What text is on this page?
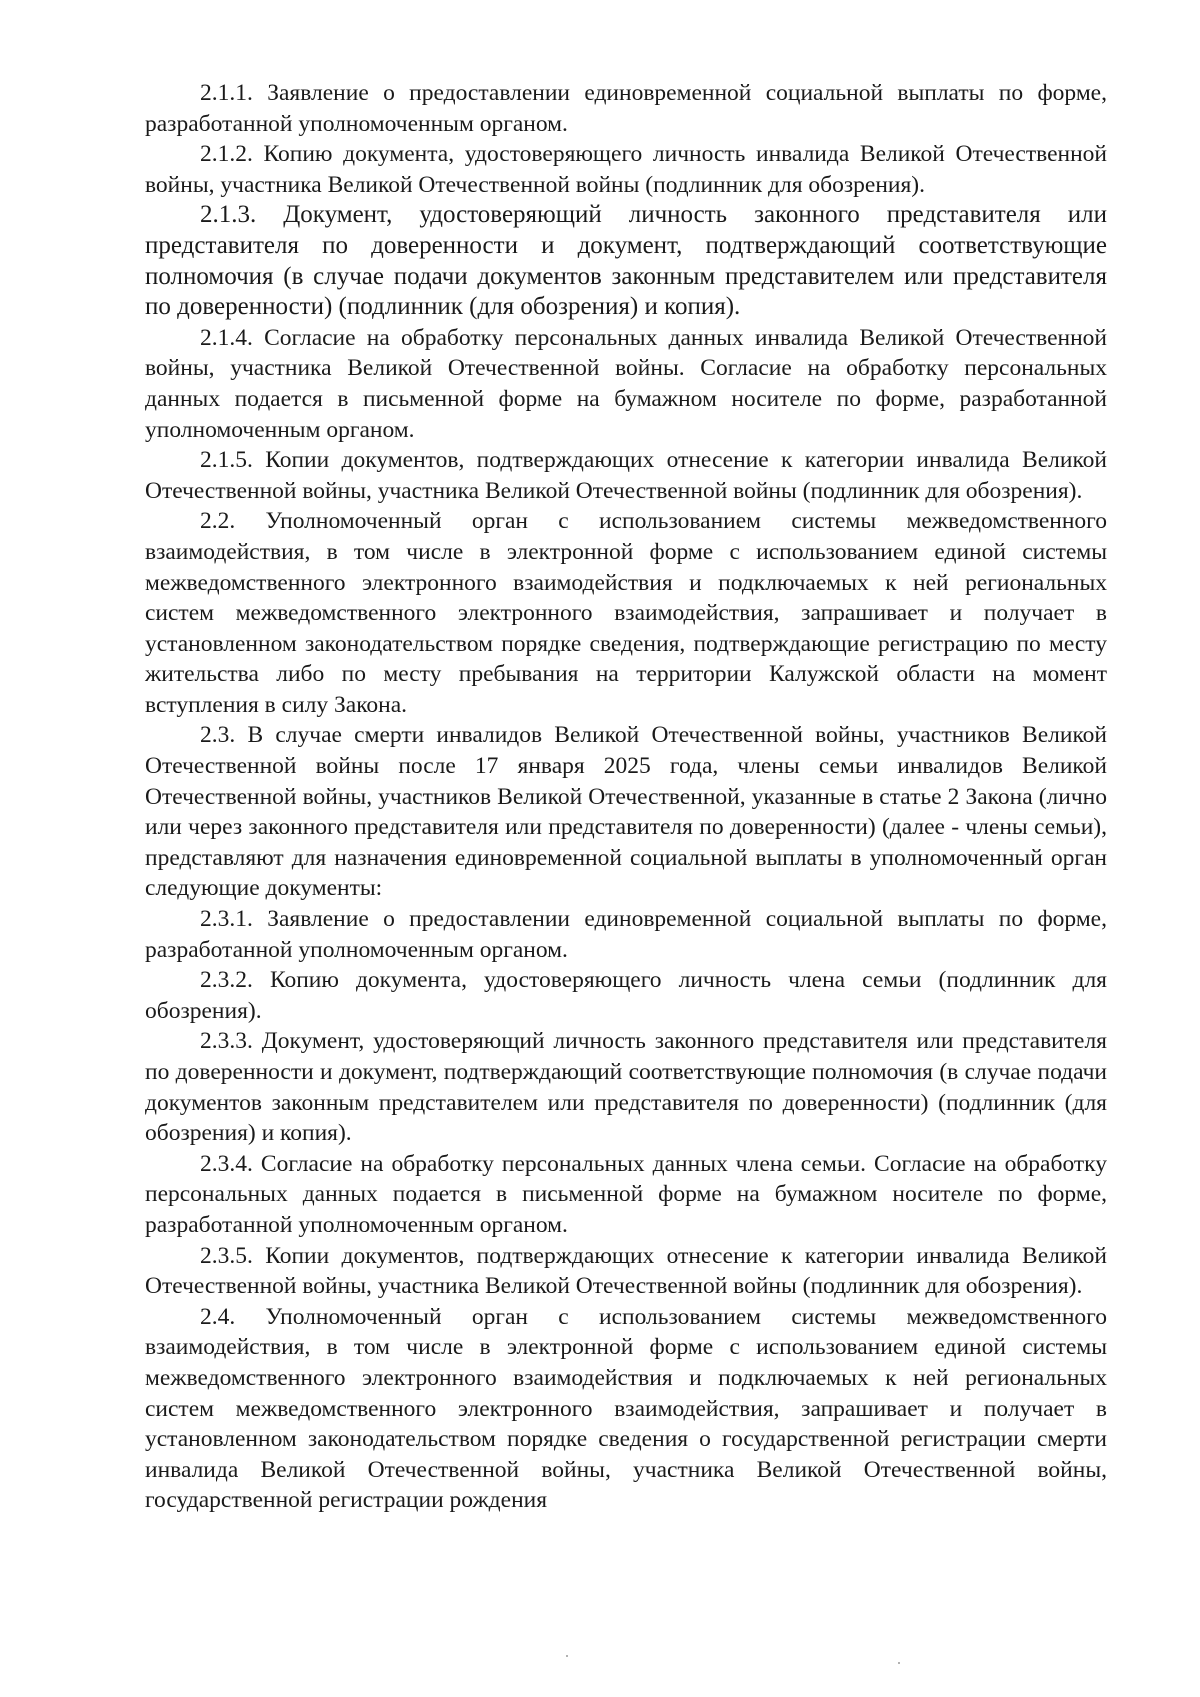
2.1.1. Заявление о предоставлении единовременной социальной выплаты по форме, разработанной уполномоченным органом.

2.1.2. Копию документа, удостоверяющего личность инвалида Великой Отечественной войны, участника Великой Отечественной войны (подлинник для обозрения).

2.1.3. Документ, удостоверяющий личность законного представителя или представителя по доверенности и документ, подтверждающий соответствующие полномочия (в случае подачи документов законным представителем или представителя по доверенности) (подлинник (для обозрения) и копия).

2.1.4. Согласие на обработку персональных данных инвалида Великой Отечественной войны, участника Великой Отечественной войны. Согласие на обработку персональных данных подается в письменной форме на бумажном носителе по форме, разработанной уполномоченным органом.

2.1.5. Копии документов, подтверждающих отнесение к категории инвалида Великой Отечественной войны, участника Великой Отечественной войны (подлинник для обозрения).

2.2. Уполномоченный орган с использованием системы межведомственного взаимодействия, в том числе в электронной форме с использованием единой системы межведомственного электронного взаимодействия и подключаемых к ней региональных систем межведомственного электронного взаимодействия, запрашивает и получает в установленном законодательством порядке сведения, подтверждающие регистрацию по месту жительства либо по месту пребывания на территории Калужской области на момент вступления в силу Закона.

2.3. В случае смерти инвалидов Великой Отечественной войны, участников Великой Отечественной войны после 17 января 2025 года, члены семьи инвалидов Великой Отечественной войны, участников Великой Отечественной, указанные в статье 2 Закона (лично или через законного представителя или представителя по доверенности) (далее - члены семьи), представляют для назначения единовременной социальной выплаты в уполномоченный орган следующие документы:

2.3.1. Заявление о предоставлении единовременной социальной выплаты по форме, разработанной уполномоченным органом.

2.3.2. Копию документа, удостоверяющего личность члена семьи (подлинник для обозрения).

2.3.3. Документ, удостоверяющий личность законного представителя или представителя по доверенности и документ, подтверждающий соответствующие полномочия (в случае подачи документов законным представителем или представителя по доверенности) (подлинник (для обозрения) и копия).

2.3.4. Согласие на обработку персональных данных члена семьи. Согласие на обработку персональных данных подается в письменной форме на бумажном носителе по форме, разработанной уполномоченным органом.

2.3.5. Копии документов, подтверждающих отнесение к категории инвалида Великой Отечественной войны, участника Великой Отечественной войны (подлинник для обозрения).

2.4. Уполномоченный орган с использованием системы межведомственного взаимодействия, в том числе в электронной форме с использованием единой системы межведомственного электронного взаимодействия и подключаемых к ней региональных систем межведомственного электронного взаимодействия, запрашивает и получает в установленном законодательством порядке сведения о государственной регистрации смерти инвалида Великой Отечественной войны, участника Великой Отечественной войны, государственной регистрации рождения
